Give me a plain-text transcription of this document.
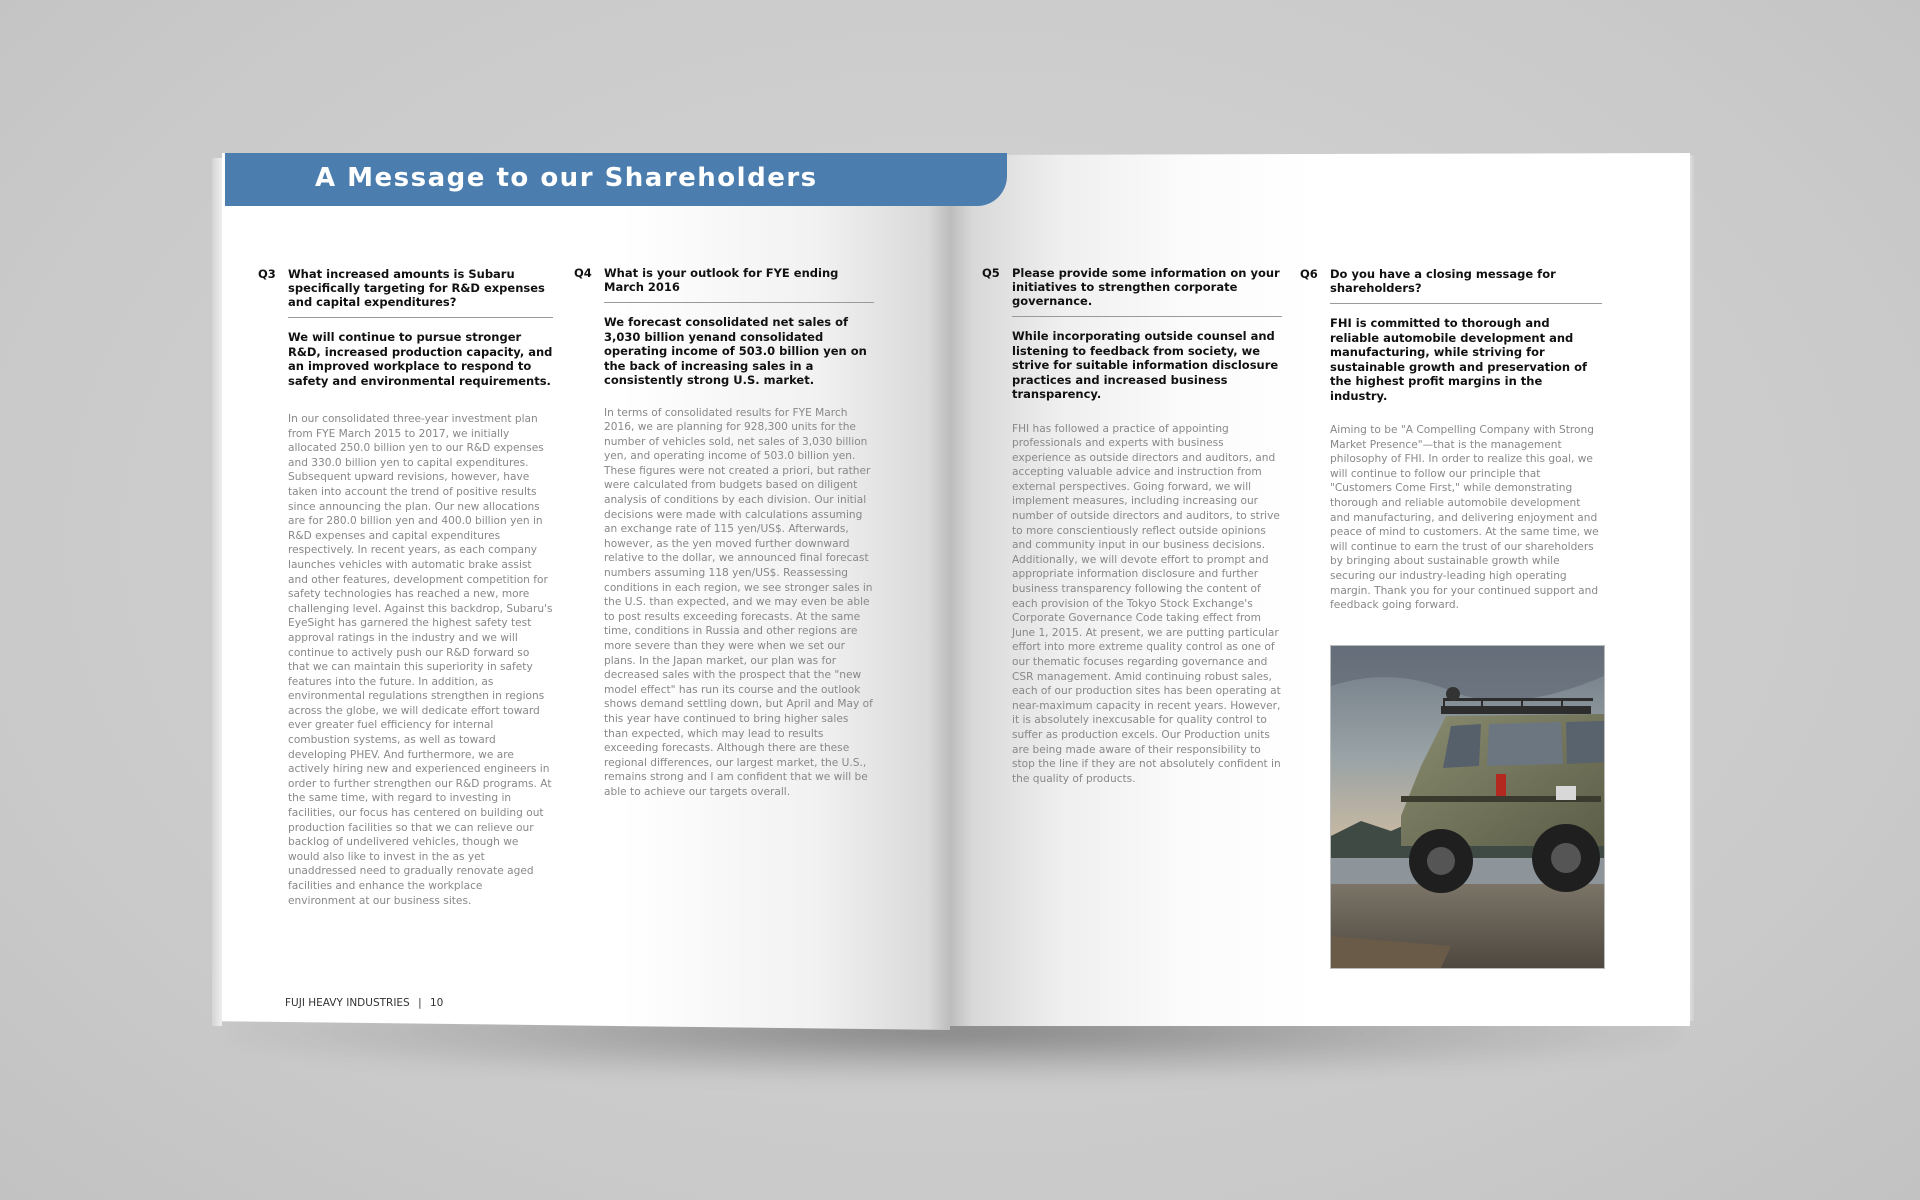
A Message to our Shareholders
Q3	What increased amounts is Subaru specifically targeting for R&D expenses and capital expenditures?
We will continue to pursue stronger R&D, increased production capacity, and an improved workplace to respond to safety and environmental requirements.
In our consolidated three-year investment plan from FYE March 2015 to 2017, we initially allocated 250.0 billion yen to our R&D expenses and 330.0 billion yen to capital expenditures. Subsequent upward revisions, however, have taken into account the trend of positive results since announcing the plan. Our new allocations are for 280.0 billion yen and 400.0 billion yen in R&D expenses and capital expenditures respectively. In recent years, as each company launches vehicles with automatic brake assist and other features, development competition for safety technologies has reached a new, more challenging level. Against this backdrop, Subaru's EyeSight has garnered the highest safety test approval ratings in the industry and we will continue to actively push our R&D forward so that we can maintain this superiority in safety features into the future. In addition, as environmental regulations strengthen in regions across the globe, we will dedicate effort toward ever greater fuel efficiency for internal combustion systems, as well as toward developing PHEV. And furthermore, we are actively hiring new and experienced engineers in order to further strengthen our R&D programs. At the same time, with regard to investing in facilities, our focus has centered on building out production facilities so that we can relieve our backlog of undelivered vehicles, though we would also like to invest in the as yet unaddressed need to gradually renovate aged facilities and enhance the workplace environment at our business sites.
Q4	What is your outlook for FYE ending March 2016
We forecast consolidated net sales of 3,030 billion yenand consolidated operating income of 503.0 billion yen on the back of increasing sales in a consistently strong U.S. market.
In terms of consolidated results for FYE March 2016, we are planning for 928,300 units for the number of vehicles sold, net sales of 3,030 billion yen, and operating income of 503.0 billion yen. These figures were not created a priori, but rather were calculated from budgets based on diligent analysis of conditions by each division. Our initial decisions were made with calculations assuming an exchange rate of 115 yen/US$. Afterwards, however, as the yen moved further downward relative to the dollar, we announced final forecast numbers assuming 118 yen/US$. Reassessing conditions in each region, we see stronger sales in the U.S. than expected, and we may even be able to post results exceeding forecasts. At the same time, conditions in Russia and other regions are more severe than they were when we set our plans. In the Japan market, our plan was for decreased sales with the prospect that the "new model effect" has run its course and the outlook shows demand settling down, but April and May of this year have continued to bring higher sales than expected, which may lead to results exceeding forecasts. Although there are these regional differences, our largest market, the U.S., remains strong and I am confident that we will be able to achieve our targets overall.
Q5	Please provide some information on your initiatives to strengthen corporate governance.
While incorporating outside counsel and listening to feedback from society, we strive for suitable information disclosure practices and increased business transparency.
FHI has followed a practice of appointing professionals and experts with business experience as outside directors and auditors, and accepting valuable advice and instruction from external perspectives. Going forward, we will implement measures, including increasing our number of outside directors and auditors, to strive to more conscientiously reflect outside opinions and community input in our business decisions. Additionally, we will devote effort to prompt and appropriate information disclosure and further business transparency following the content of each provision of the Tokyo Stock Exchange's Corporate Governance Code taking effect from June 1, 2015. At present, we are putting particular effort into more extreme quality control as one of our thematic focuses regarding governance and CSR management. Amid continuing robust sales, each of our production sites has been operating at near-maximum capacity in recent years. However, it is absolutely inexcusable for quality control to suffer as production excels. Our Production units are being made aware of their responsibility to stop the line if they are not absolutely confident in the quality of products.
Q6	Do you have a closing message for shareholders?
FHI is committed to thorough and reliable automobile development and manufacturing, while striving for sustainable growth and preservation of the highest profit margins in the industry.
Aiming to be "A Compelling Company with Strong Market Presence"—that is the management philosophy of FHI. In order to realize this goal, we will continue to follow our principle that "Customers Come First," while demonstrating thorough and reliable automobile development and manufacturing, and delivering enjoyment and peace of mind to customers. At the same time, we will continue to earn the trust of our shareholders by bringing about sustainable growth while securing our industry-leading high operating margin. Thank you for your continued support and feedback going forward.
FUJI HEAVY INDUSTRIES | 10
